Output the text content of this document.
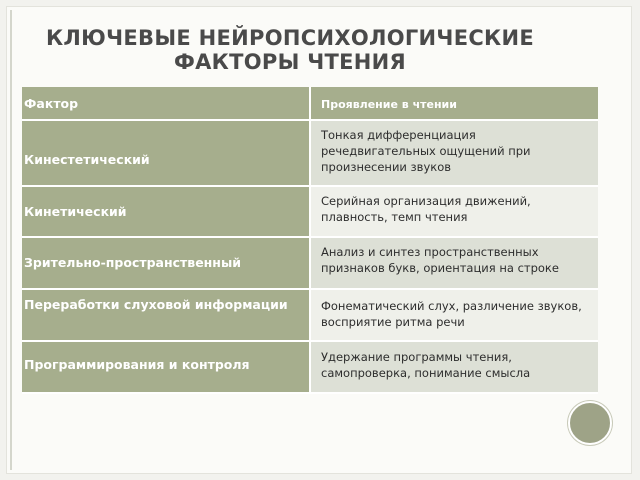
КЛЮЧЕВЫЕ НЕЙРОПСИХОЛОГИЧЕСКИЕ
ФАКТОРЫ ЧТЕНИЯ
Фактор	Проявление в чтении
Кинестетический	Тонкая дифференциация речедвигательных ощущений при произнесении звуков
Кинетический	Серийная организация движений, плавность, темп чтения
Зрительно-пространственный	Анализ и синтез пространственных признаков букв, ориентация на строке
Переработки слуховой информации	Фонематический слух, различение звуков, восприятие ритма речи
Программирования и контроля	Удержание программы чтения, самопроверка, понимание смысла
